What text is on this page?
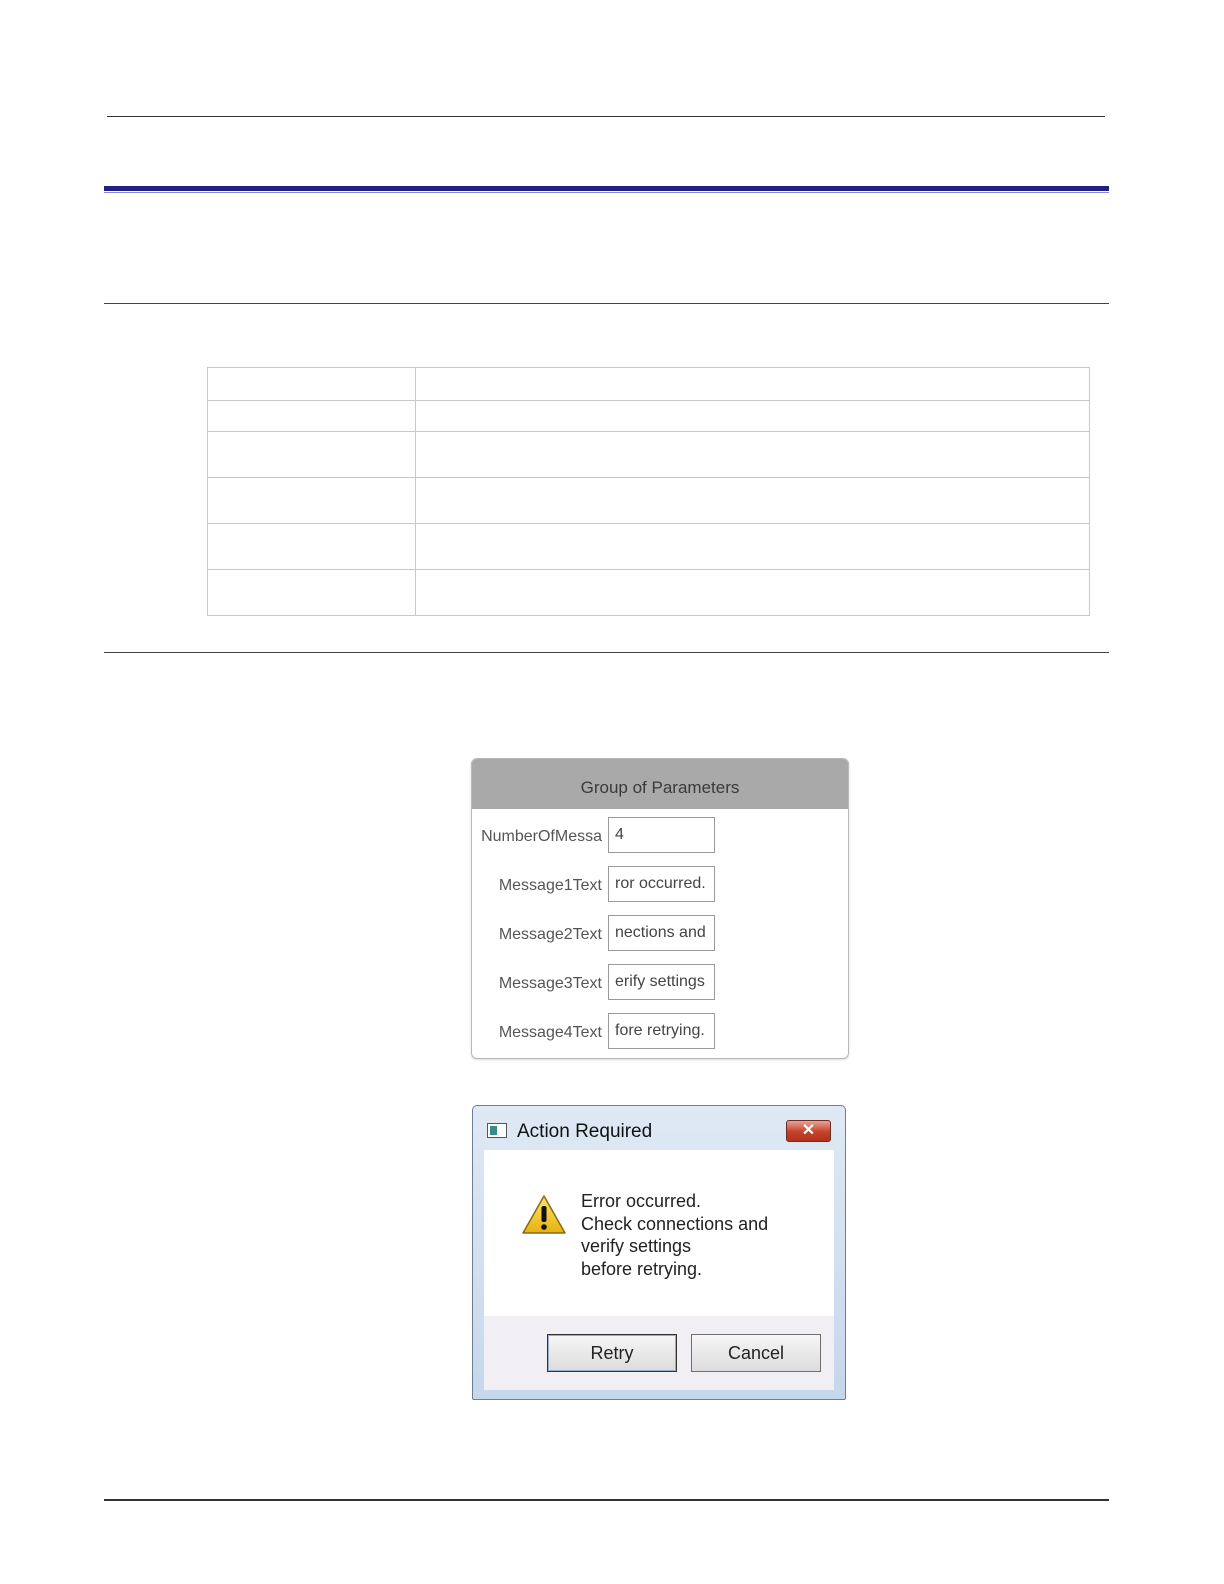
Group of Parameters
NumberOfMessa 4
Message1Text ror occurred.
Message2Text nections and
Message3Text erify settings
Message4Text fore retrying.
Action Required	✕
Error occurred.
Check connections and
verify settings
before retrying.
Retry	Cancel
